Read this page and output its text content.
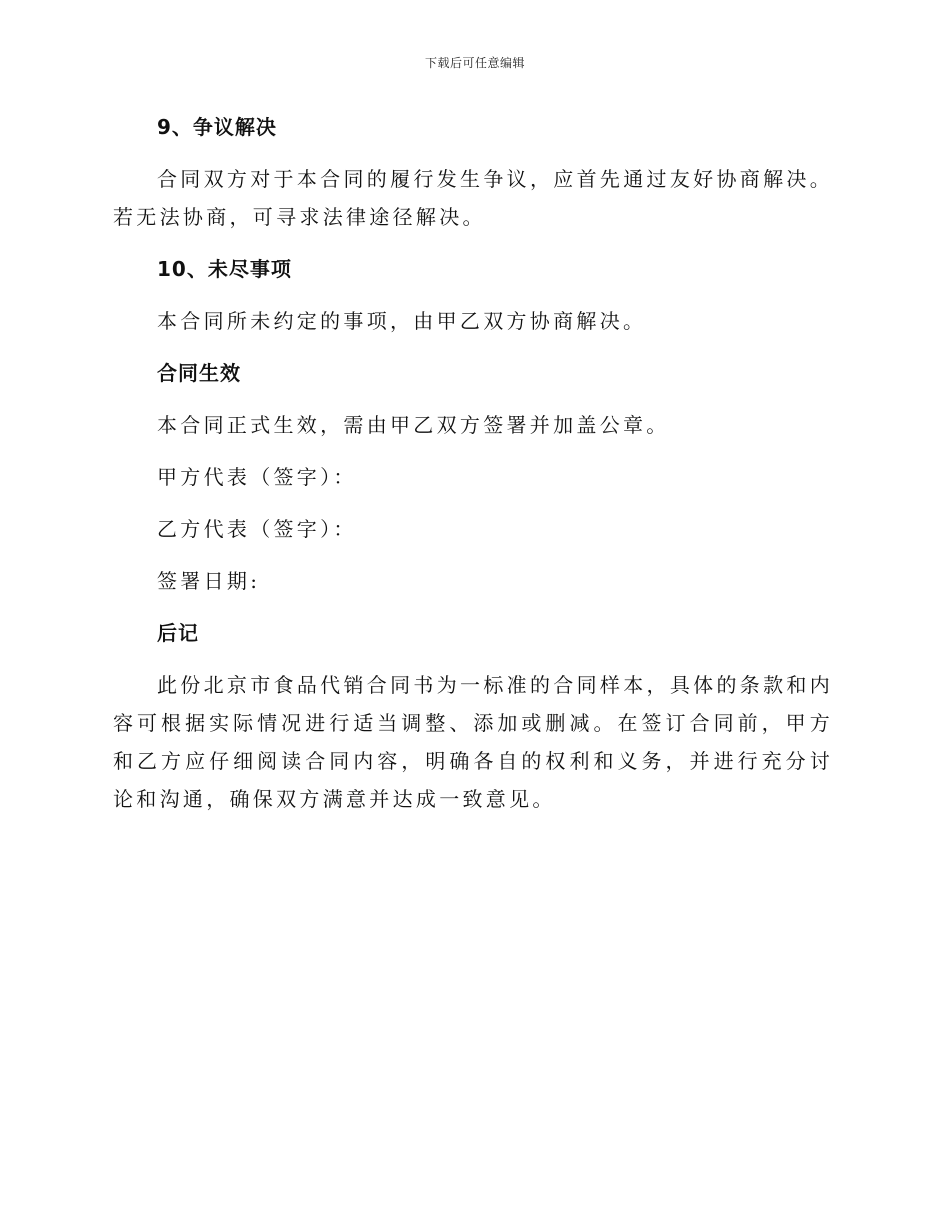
下载后可任意编辑
9、争议解决
合同双方对于本合同的履行发生争议，应首先通过友好协商解决。若无法协商，可寻求法律途径解决。
10、未尽事项
本合同所未约定的事项，由甲乙双方协商解决。
合同生效
本合同正式生效，需由甲乙双方签署并加盖公章。
甲方代表（签字）：
乙方代表（签字）：
签署日期:
后记
此份北京市食品代销合同书为一标准的合同样本，具体的条款和内容可根据实际情况进行适当调整、添加或删减。在签订合同前，甲方和乙方应仔细阅读合同内容，明确各自的权利和义务，并进行充分讨论和沟通，确保双方满意并达成一致意见。
